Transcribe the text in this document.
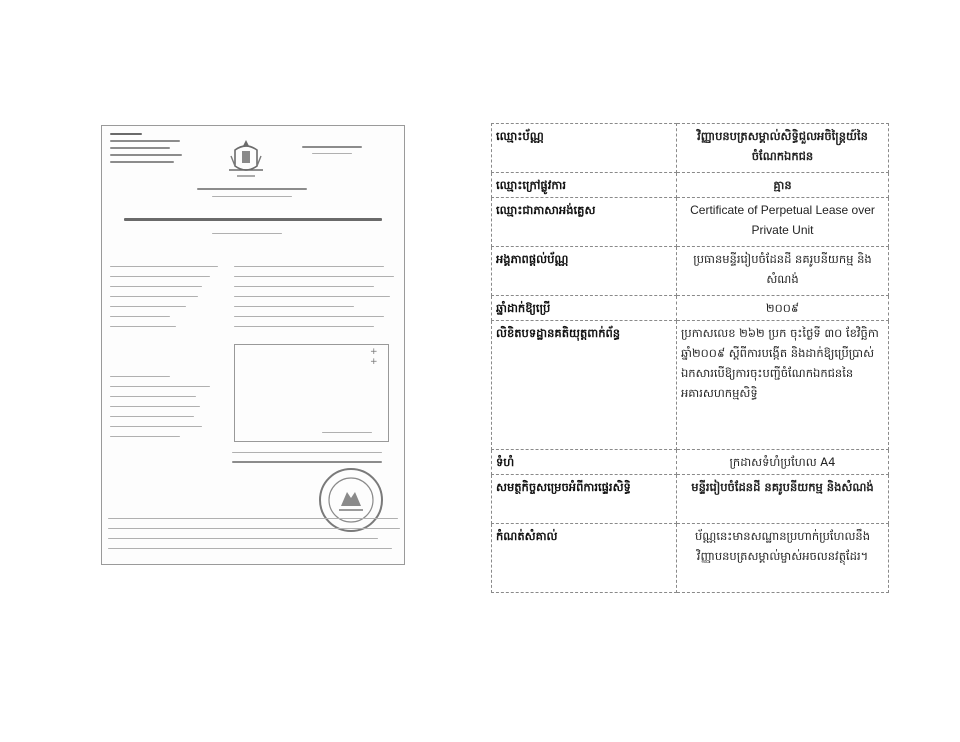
+
+
ឈ្មោះប័ណ្ណ	វិញ្ញាបនបត្រសម្គាល់សិទ្ធិជួលអចិន្ត្រៃយ៍នៃចំណែកឯកជន
ឈ្មោះក្រៅផ្លូវការ	គ្មាន
ឈ្មោះជាភាសាអង់គ្លេស	Certificate of Perpetual Lease over Private Unit
អង្គភាពផ្តល់ប័ណ្ណ	ប្រធានមន្ទីររៀបចំដែនដី នគរូបនីយកម្ម និង សំណង់
ឆ្នាំដាក់ឱ្យប្រើ	២០០៩
លិខិតបទដ្ឋានគតិយុត្តពាក់ព័ន្ធ	ប្រកាសលេខ ២៦២ ប្រក ចុះថ្ងៃទី ៣០ ខែវិច្ឆិកា ឆ្នាំ២០០៩ ស្តីពីការបង្កើត និងដាក់ឱ្យប្រើប្រាស់ឯកសារបើឱ្យការចុះបញ្ជីចំណែកឯកជននៃអគារសហកម្មសិទ្ធិ
ទំហំ	ក្រដាសទំហំប្រហែល A4
សមត្ថកិច្ចសម្រេចអំពីការផ្ទេរសិទ្ធិ	មន្ទីររៀបចំដែនដី នគរូបនីយកម្ម និងសំណង់
កំណត់សំគាល់	ប័ណ្ណនេះមានសណ្ឋានប្រហាក់ប្រហែលនឹងវិញ្ញាបនបត្រសម្គាល់ម្ចាស់អចលនវត្ថុដែរ។
